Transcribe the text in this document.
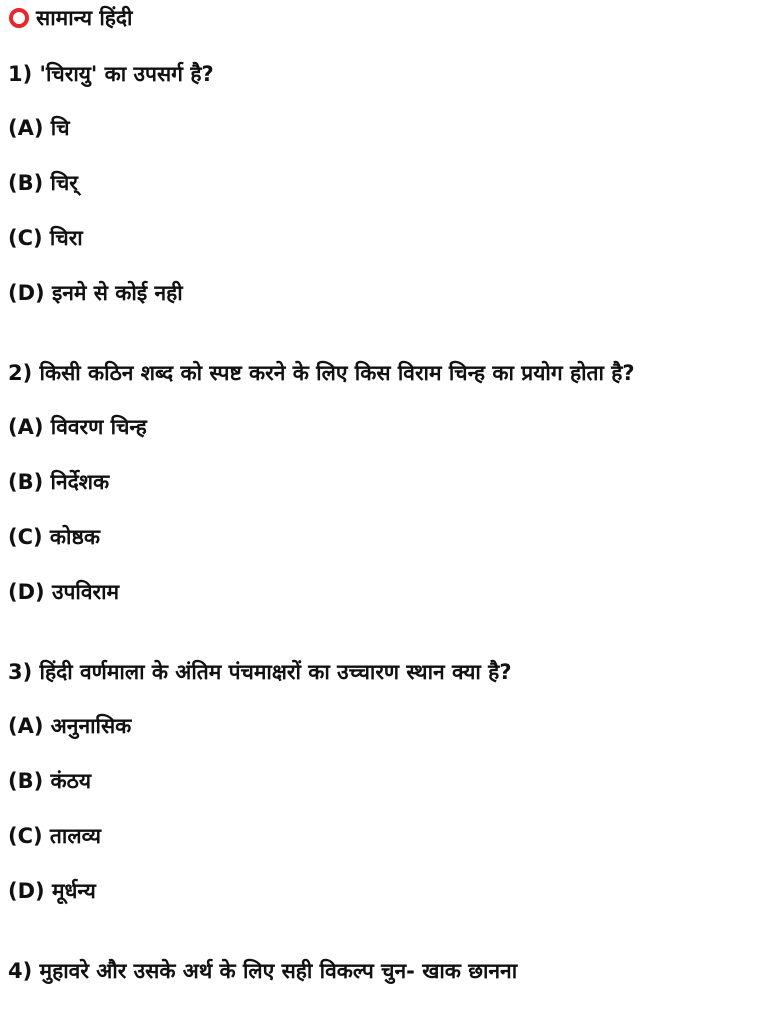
सामान्य हिंदी
1) 'चिरायु' का उपसर्ग है?
(A) चि
(B) चिर्
(C) चिरा
(D) इनमे से कोई नही
2) किसी कठिन शब्द को स्पष्ट करने के लिए किस विराम चिन्ह का प्रयोग होता है?
(A) विवरण चिन्ह
(B) निर्देशक
(C) कोष्ठक
(D) उपविराम
3) हिंदी वर्णमाला के अंतिम पंचमाक्षरों का उच्चारण स्थान क्या है?
(A) अनुनासिक
(B) कंठय
(C) तालव्य
(D) मूर्धन्य
4) मुहावरे और उसके अर्थ के लिए सही विकल्प चुन- खाक छानना
